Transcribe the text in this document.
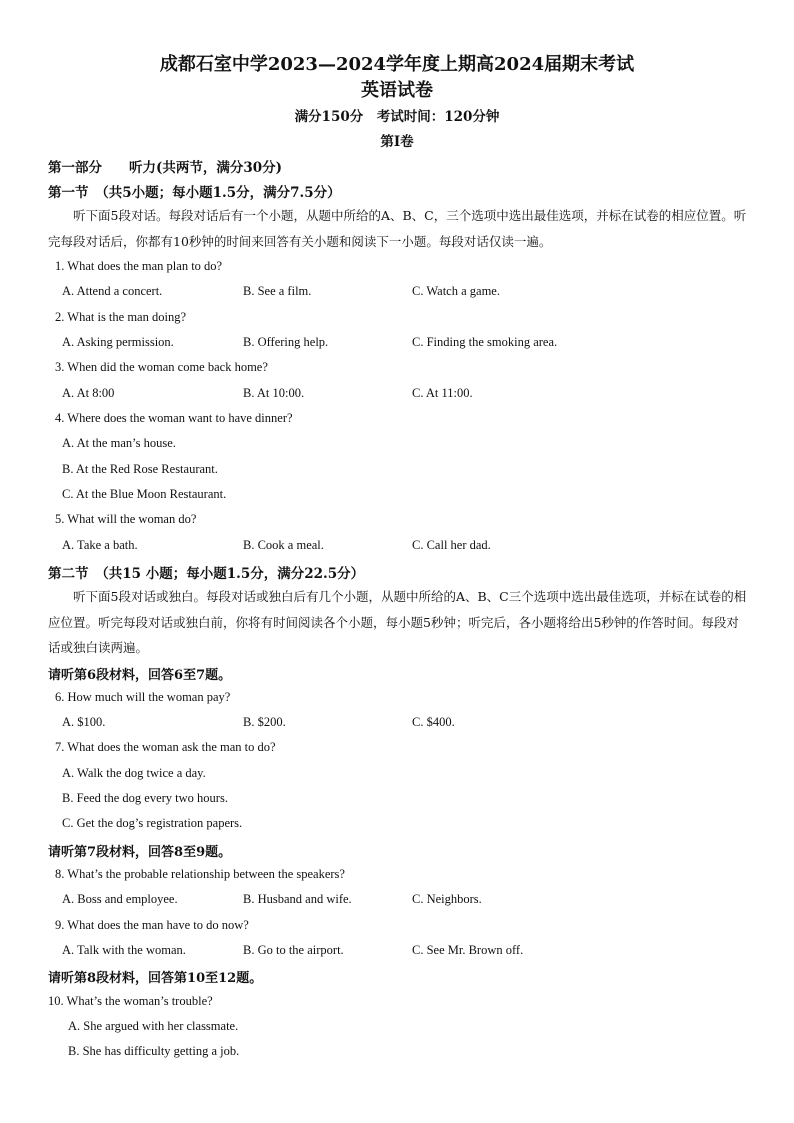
成都石室中学2023—2024学年度上期高2024届期末考试
英语试卷
满分150分　考试时间：120分钟
第Ⅰ卷
第一部分　　听力(共两节，满分30分)
第一节　（共5小题；每小题1.5分，满分7.5分）
听下面5段对话。每段对话后有一个小题，从题中所给的A、B、C，三个选项中选出最佳选项，并标在试卷的相应位置。听完每段对话后，你都有10秒钟的时间来回答有关小题和阅读下一小题。每段对话仅读一遍。
1. What does the man plan to do?
A. Attend a concert.	B. See a film.	C. Watch a game.
2. What is the man doing?
A. Asking permission.	B. Offering help.	C. Finding the smoking area.
3. When did the woman come back home?
A. At 8:00	B. At 10:00.	C. At 11:00.
4. Where does the woman want to have dinner?
A. At the man’s house.
B. At the Red Rose Restaurant.
C. At the Blue Moon Restaurant.
5. What will the woman do?
A. Take a bath.	B. Cook a meal.	C. Call her dad.
第二节　（共15 小题；每小题1.5分，满分22.5分）
听下面5段对话或独白。每段对话或独白后有几个小题，从题中所给的A、B、C三个选项中选出最佳选项，并标在试卷的相应位置。听完每段对话或独白前，你将有时间阅读各个小题，每小题5秒钟；听完后，各小题将给出5秒钟的作答时间。每段对话或独白读两遍。
请听第6段材料，回答6至7题。
6. How much will the woman pay?
A. $100.	B. $200.	C. $400.
7. What does the woman ask the man to do?
A. Walk the dog twice a day.
B. Feed the dog every two hours.
C. Get the dog’s registration papers.
请听第7段材料，回答8至9题。
8. What’s the probable relationship between the speakers?
A. Boss and employee.	B. Husband and wife.	C. Neighbors.
9. What does the man have to do now?
A. Talk with the woman.	B. Go to the airport.	C. See Mr. Brown off.
请听第8段材料，回答第10至12题。
10. What’s the woman’s trouble?
A. She argued with her classmate.
B. She has difficulty getting a job.
